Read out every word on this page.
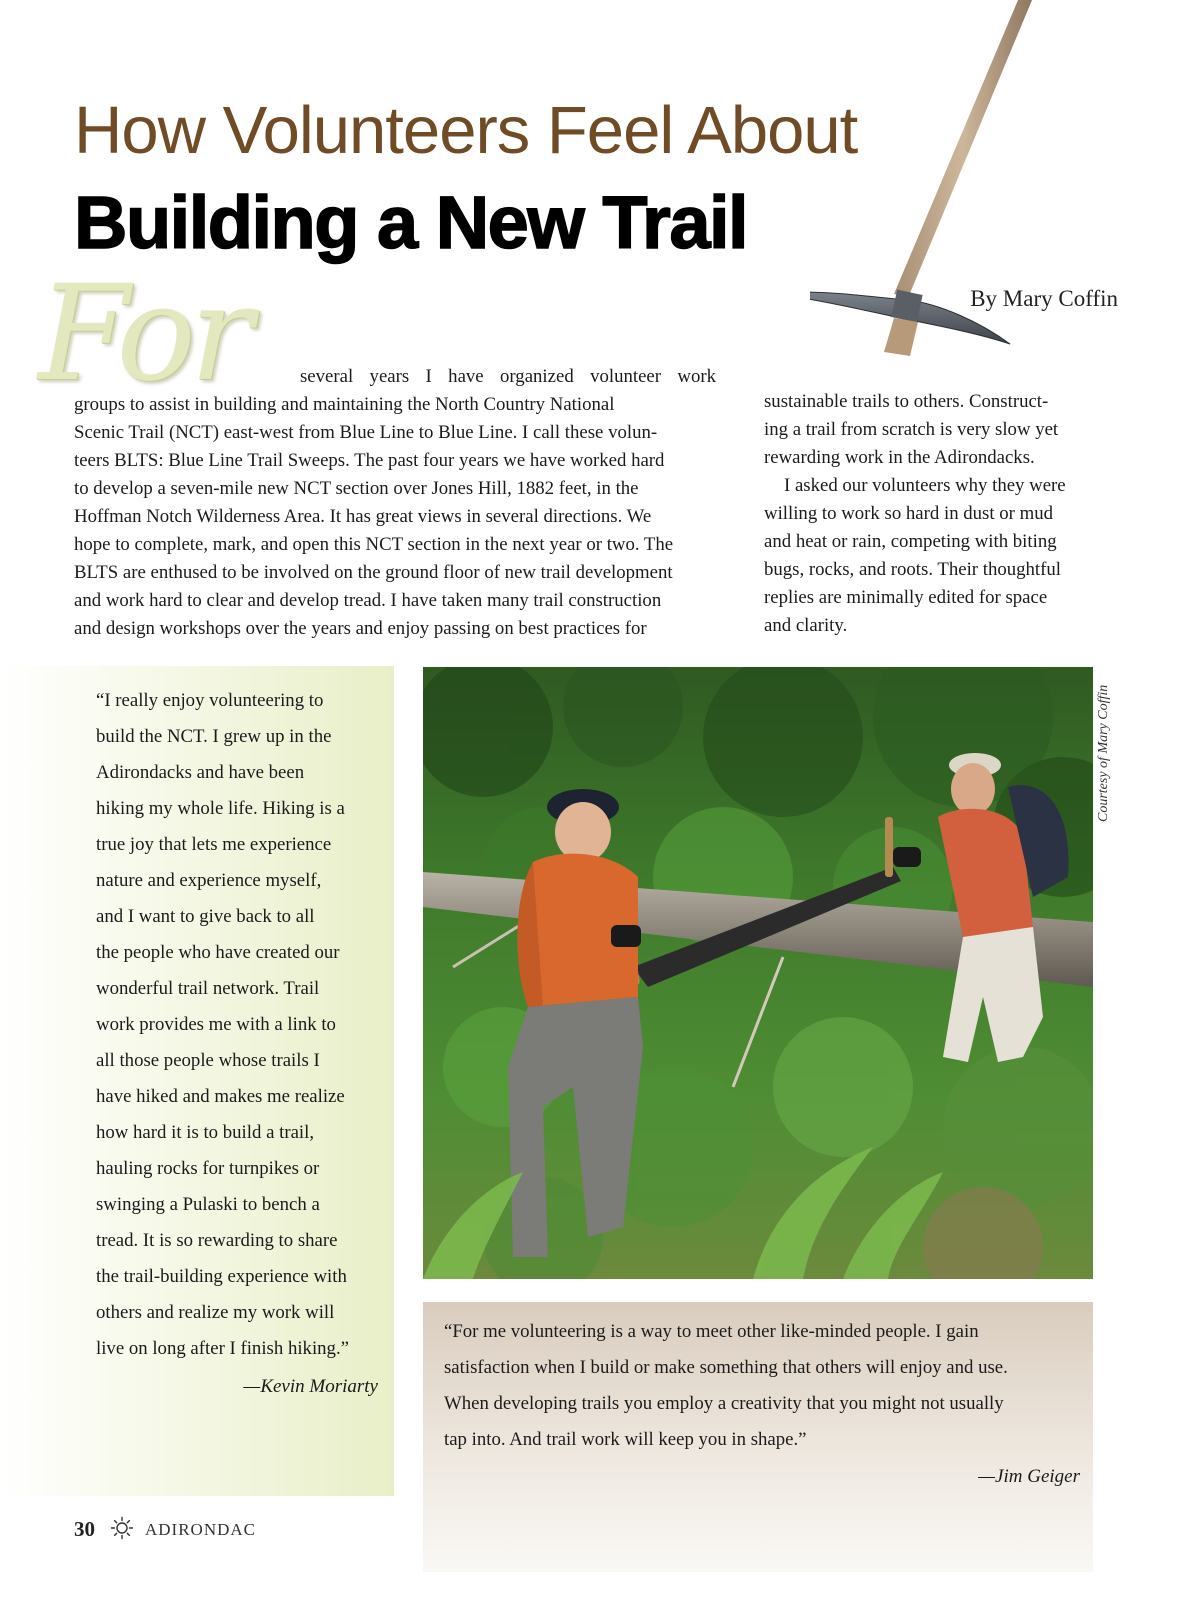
How Volunteers Feel About
Building a New Trail
By Mary Coffin
For	several years I have organized volunteer work
groups to assist in building and maintaining the North Country National
Scenic Trail (NCT) east-west from Blue Line to Blue Line. I call these volun-
teers BLTS: Blue Line Trail Sweeps. The past four years we have worked hard
to develop a seven-mile new NCT section over Jones Hill, 1882 feet, in the
Hoffman Notch Wilderness Area. It has great views in several directions. We
hope to complete, mark, and open this NCT section in the next year or two. The
BLTS are enthused to be involved on the ground floor of new trail development
and work hard to clear and develop tread. I have taken many trail construction
and design workshops over the years and enjoy passing on best practices for
sustainable trails to others. Construct-
ing a trail from scratch is very slow yet
rewarding work in the Adirondacks.
I asked our volunteers why they were
willing to work so hard in dust or mud
and heat or rain, competing with biting
bugs, rocks, and roots. Their thoughtful
replies are minimally edited for space
and clarity.
“I really enjoy volunteering to
build the NCT. I grew up in the
Adirondacks and have been
hiking my whole life. Hiking is a
true joy that lets me experience
nature and experience myself,
and I want to give back to all
the people who have created our
wonderful trail network. Trail
work provides me with a link to
all those people whose trails I
have hiked and makes me realize
how hard it is to build a trail,
hauling rocks for turnpikes or
swinging a Pulaski to bench a
tread. It is so rewarding to share
the trail-building experience with
others and realize my work will
live on long after I finish hiking.”
—Kevin Moriarty
Courtesy of Mary Coffin
“For me volunteering is a way to meet other like-minded people. I gain
satisfaction when I build or make something that others will enjoy and use.
When developing trails you employ a creativity that you might not usually
tap into. And trail work will keep you in shape.”
—Jim Geiger
30	ADIRONDAC
